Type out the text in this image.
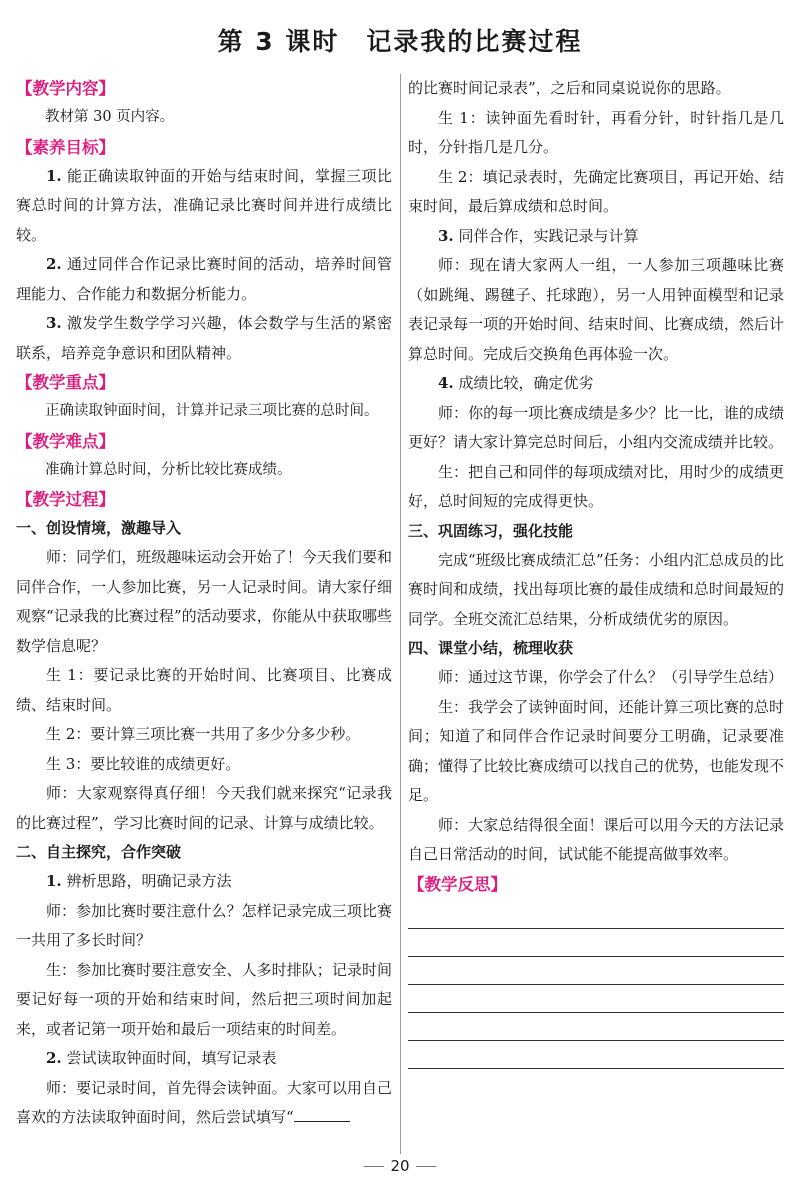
第 3 课时　记录我的比赛过程
【教学内容】

教材第 30 页内容。

【素养目标】

1. 能正确读取钟面的开始与结束时间，掌握三项比赛总时间的计算方法，准确记录比赛时间并进行成绩比较。

2. 通过同伴合作记录比赛时间的活动，培养时间管理能力、合作能力和数据分析能力。

3. 激发学生数学学习兴趣，体会数学与生活的紧密联系，培养竞争意识和团队精神。

【教学重点】

正确读取钟面时间，计算并记录三项比赛的总时间。

【教学难点】

准确计算总时间，分析比较比赛成绩。

【教学过程】
一、创设情境，激趣导入

师：同学们，班级趣味运动会开始了！今天我们要和同伴合作，一人参加比赛，另一人记录时间。请大家仔细观察“记录我的比赛过程”的活动要求，你能从中获取哪些数学信息呢？

生 1：要记录比赛的开始时间、比赛项目、比赛成绩、结束时间。

生 2：要计算三项比赛一共用了多少分多少秒。

生 3：要比较谁的成绩更好。

师：大家观察得真仔细！今天我们就来探究“记录我的比赛过程”，学习比赛时间的记录、计算与成绩比较。

二、自主探究，合作突破

1. 辨析思路，明确记录方法

师：参加比赛时要注意什么？怎样记录完成三项比赛一共用了多长时间？

生：参加比赛时要注意安全、人多时排队；记录时间要记好每一项的开始和结束时间，然后把三项时间加起来，或者记第一项开始和最后一项结束的时间差。

2. 尝试读取钟面时间，填写记录表

师：要记录时间，首先得会读钟面。大家可以用自己喜欢的方法读取钟面时间，然后尝试填写“

的比赛时间记录表”，之后和同桌说说你的思路。

生 1：读钟面先看时针，再看分针，时针指几是几时，分针指几是几分。

生 2：填记录表时，先确定比赛项目，再记开始、结束时间，最后算成绩和总时间。

3. 同伴合作，实践记录与计算

师：现在请大家两人一组，一人参加三项趣味比赛（如跳绳、踢毽子、托球跑），另一人用钟面模型和记录表记录每一项的开始时间、结束时间、比赛成绩，然后计算总时间。完成后交换角色再体验一次。

4. 成绩比较，确定优劣

师：你的每一项比赛成绩是多少？比一比，谁的成绩更好？请大家计算完总时间后，小组内交流成绩并比较。

生：把自己和同伴的每项成绩对比，用时少的成绩更好，总时间短的完成得更快。

三、巩固练习，强化技能

完成“班级比赛成绩汇总”任务：小组内汇总成员的比赛时间和成绩，找出每项比赛的最佳成绩和总时间最短的同学。全班交流汇总结果，分析成绩优劣的原因。

四、课堂小结，梳理收获

师：通过这节课，你学会了什么？（引导学生总结）

生：我学会了读钟面时间，还能计算三项比赛的总时间；知道了和同伴合作记录时间要分工明确，记录要准确；懂得了比较比赛成绩可以找自己的优势，也能发现不足。

师：大家总结得很全面！课后可以用今天的方法记录自己日常活动的时间，试试能不能提高做事效率。

【教学反思】
20
